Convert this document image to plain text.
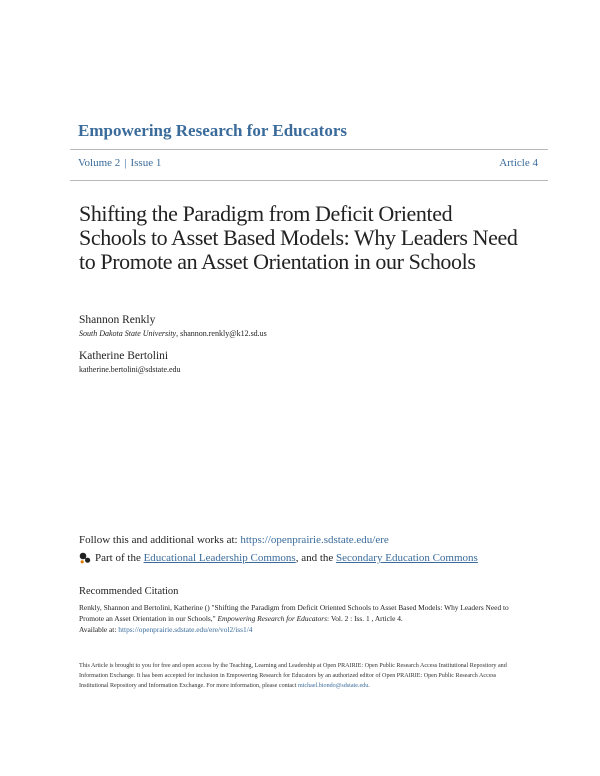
Empowering Research for Educators
Volume 2 | Issue 1	Article 4
Shifting the Paradigm from Deficit Oriented Schools to Asset Based Models: Why Leaders Need to Promote an Asset Orientation in our Schools
Shannon Renkly
South Dakota State University, shannon.renkly@k12.sd.us
Katherine Bertolini
katherine.bertolini@sdstate.edu
Follow this and additional works at: https://openprairie.sdstate.edu/ere
Part of the
Educational Leadership Commons , and the
Secondary Education Commons
Recommended Citation
Renkly, Shannon and Bertolini, Katherine () "Shifting the Paradigm from Deficit Oriented Schools to Asset Based Models: Why Leaders Need to Promote an Asset Orientation in our Schools," Empowering Research for Educators: Vol. 2 : Iss. 1 , Article 4.
Available at: https://openprairie.sdstate.edu/ere/vol2/iss1/4
This Article is brought to you for free and open access by the Teaching, Learning and Leadership at Open PRAIRIE: Open Public Research Access Institutional Repository and Information Exchange. It has been accepted for inclusion in Empowering Research for Educators by an authorized editor of Open PRAIRIE: Open Public Research Access Institutional Repository and Information Exchange. For more information, please contact michael.biondo@sdstate.edu.
